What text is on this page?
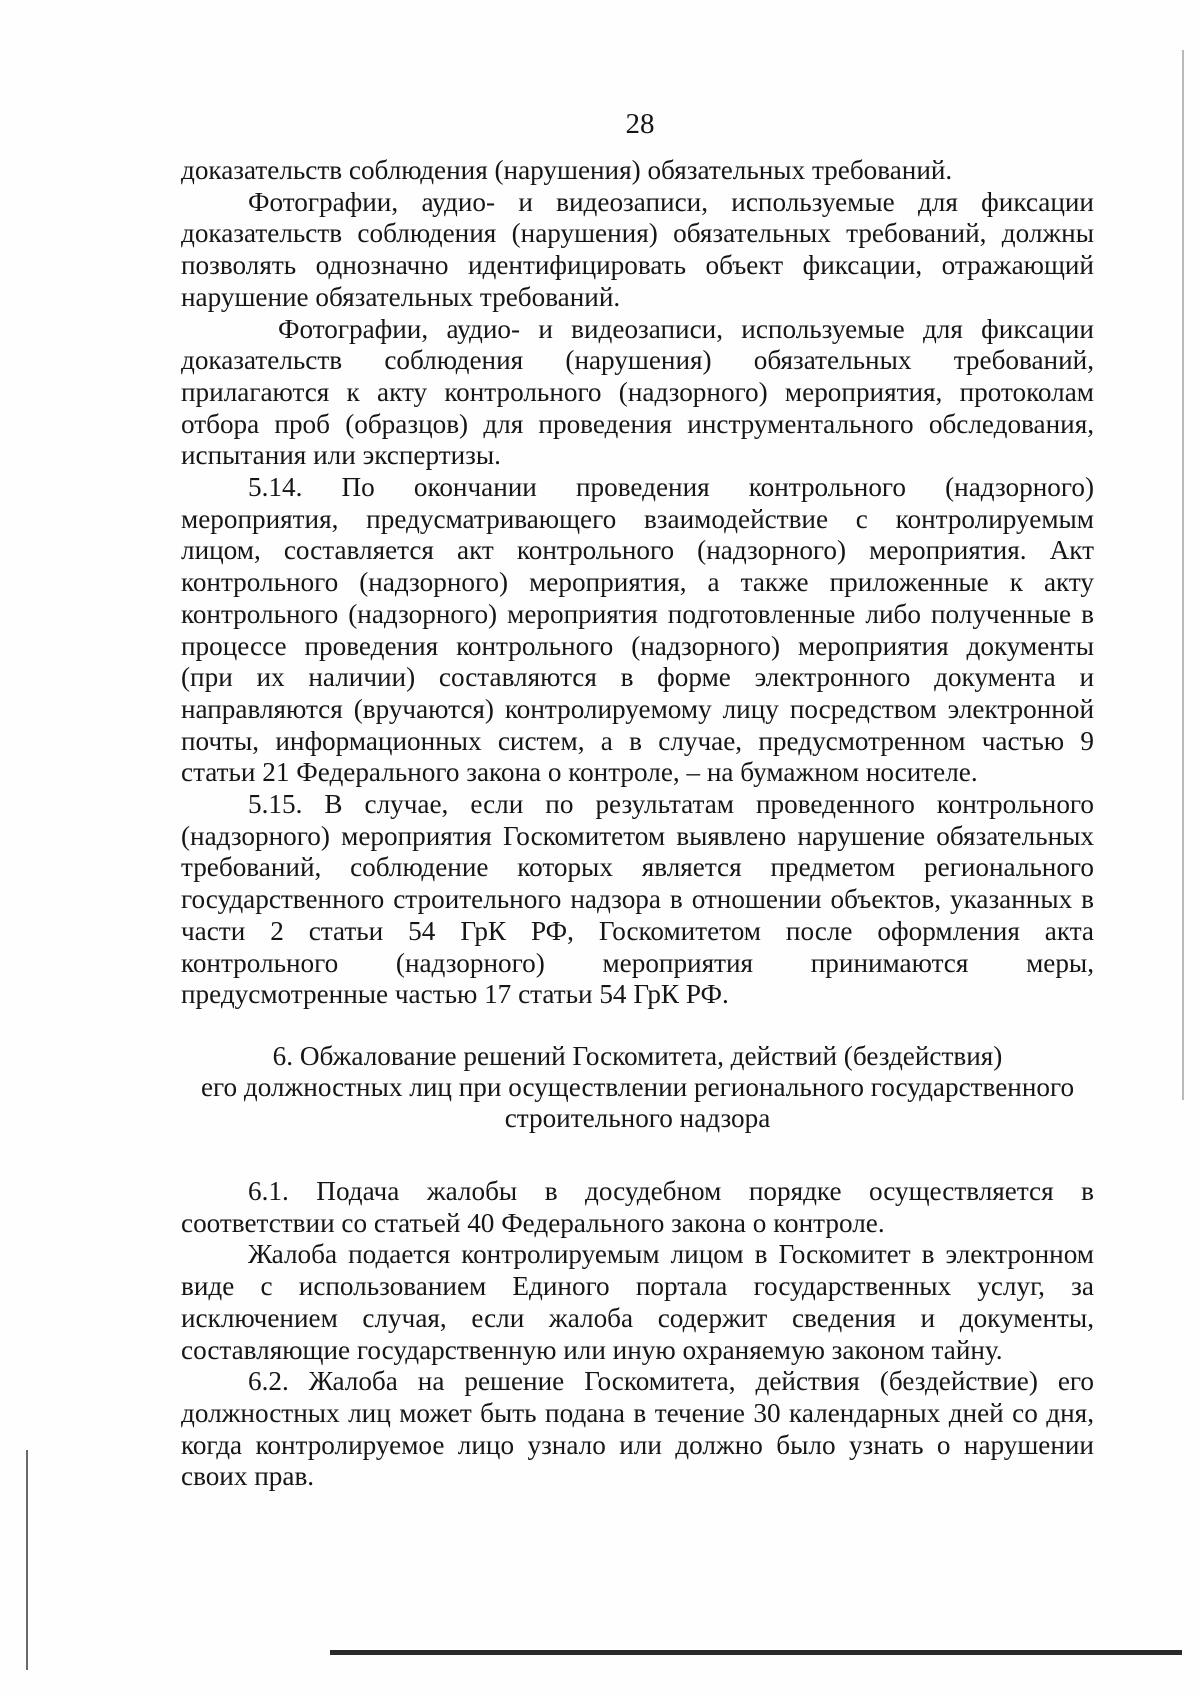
28

доказательств соблюдения (нарушения) обязательных требований.

Фотографии, аудио- и видеозаписи, используемые для фиксации доказательств соблюдения (нарушения) обязательных требований, должны позволять однозначно идентифицировать объект фиксации, отражающий нарушение обязательных требований.

Фотографии, аудио- и видеозаписи, используемые для фиксации доказательств соблюдения (нарушения) обязательных требований, прилагаются к акту контрольного (надзорного) мероприятия, протоколам отбора проб (образцов) для проведения инструментального обследования, испытания или экспертизы.

5.14. По окончании проведения контрольного (надзорного) мероприятия, предусматривающего взаимодействие с контролируемым лицом, составляется акт контрольного (надзорного) мероприятия. Акт контрольного (надзорного) мероприятия, а также приложенные к акту контрольного (надзорного) мероприятия подготовленные либо полученные в процессе проведения контрольного (надзорного) мероприятия документы (при их наличии) составляются в форме электронного документа и направляются (вручаются) контролируемому лицу посредством электронной почты, информационных систем, а в случае, предусмотренном частью 9 статьи 21 Федерального закона о контроле, – на бумажном носителе.

5.15. В случае, если по результатам проведенного контрольного (надзорного) мероприятия Госкомитетом выявлено нарушение обязательных требований, соблюдение которых является предметом регионального государственного строительного надзора в отношении объектов, указанных в части 2 статьи 54 ГрК РФ, Госкомитетом после оформления акта контрольного (надзорного) мероприятия принимаются меры, предусмотренные частью 17 статьи 54 ГрК РФ.

6. Обжалование решений Госкомитета, действий (бездействия)
его должностных лиц при осуществлении регионального государственного
строительного надзора

6.1. Подача жалобы в досудебном порядке осуществляется в соответствии со статьей 40 Федерального закона о контроле.

Жалоба подается контролируемым лицом в Госкомитет в электронном виде с использованием Единого портала государственных услуг, за исключением случая, если жалоба содержит сведения и документы, составляющие государственную или иную охраняемую законом тайну.

6.2. Жалоба на решение Госкомитета, действия (бездействие) его должностных лиц может быть подана в течение 30 календарных дней со дня, когда контролируемое лицо узнало или должно было узнать о нарушении своих прав.
